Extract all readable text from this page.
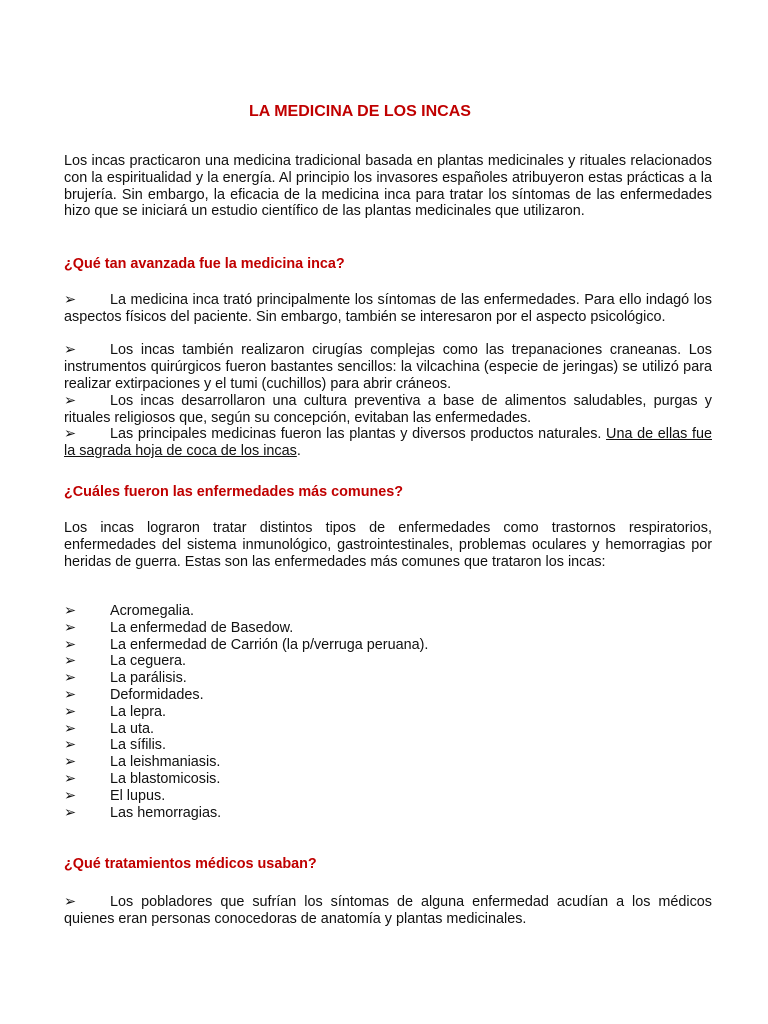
LA MEDICINA DE LOS INCAS

Los incas practicaron una medicina tradicional basada en plantas medicinales y rituales relacionados con la espiritualidad y la energía. Al principio los invasores españoles atribuyeron estas prácticas a la brujería. Sin embargo, la eficacia de la medicina inca para tratar los síntomas de las enfermedades hizo que se iniciará un estudio científico de las plantas medicinales que utilizaron.

¿Qué tan avanzada fue la medicina inca?

➢ La medicina inca trató principalmente los síntomas de las enfermedades. Para ello indagó los aspectos físicos del paciente. Sin embargo, también se interesaron por el aspecto psicológico.

➢ Los incas también realizaron cirugías complejas como las trepanaciones craneanas. Los instrumentos quirúrgicos fueron bastantes sencillos: la vilcachina (especie de jeringas) se utilizó para realizar extirpaciones y el tumi (cuchillos) para abrir cráneos.

➢ Los incas desarrollaron una cultura preventiva a base de alimentos saludables, purgas y rituales religiosos que, según su concepción, evitaban las enfermedades.

➢ Las principales medicinas fueron las plantas y diversos productos naturales. Una de ellas fue la sagrada hoja de coca de los incas.

¿Cuáles fueron las enfermedades más comunes?

Los incas lograron tratar distintos tipos de enfermedades como trastornos respiratorios, enfermedades del sistema inmunológico, gastrointestinales, problemas oculares y hemorragias por heridas de guerra. Estas son las enfermedades más comunes que trataron los incas:

➢ Acromegalia.
➢ La enfermedad de Basedow.
➢ La enfermedad de Carrión (la p/verruga peruana).
➢ La ceguera.
➢ La parálisis.
➢ Deformidades.
➢ La lepra.
➢ La uta.
➢ La sífilis.
➢ La leishmaniasis.
➢ La blastomicosis.
➢ El lupus.
➢ Las hemorragias.
¿Qué tratamientos médicos usaban?

➢ Los pobladores que sufrían los síntomas de alguna enfermedad acudían a los médicos quienes eran personas conocedoras de anatomía y plantas medicinales.
